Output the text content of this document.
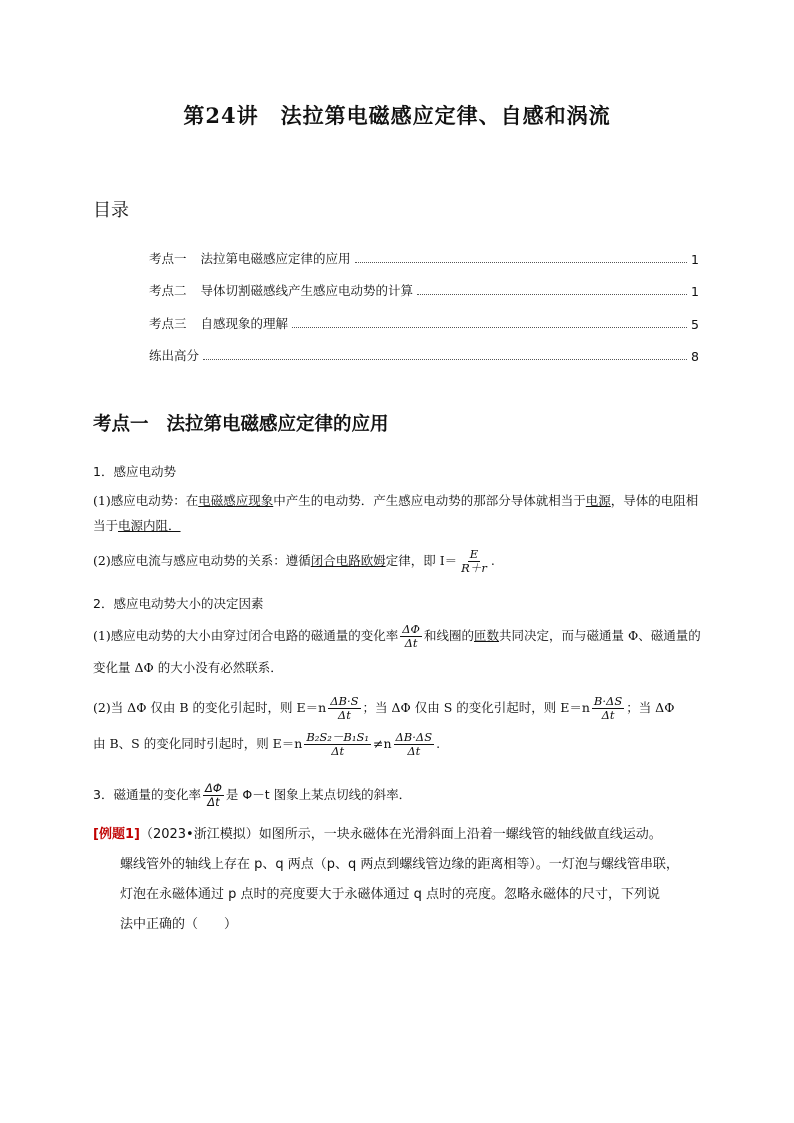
第24讲　法拉第电磁感应定律、自感和涡流
目录
考点一 法拉第电磁感应定律的应用	1
考点二 导体切割磁感线产生感应电动势的计算	1
考点三 自感现象的理解	5
练出高分	8
考点一 法拉第电磁感应定律的应用
1．感应电动势
(1)感应电动势：在电磁感应现象中产生的电动势．产生感应电动势的那部分导体就相当于电源，导体的电阻相当于电源内阻．
(2)感应电流与感应电动势的关系：遵循闭合电路欧姆定律，即 $I= \frac{E}{R+r}$ .
2．感应电动势大小的决定因素
(1)感应电动势的大小由穿过闭合电路的磁通量的变化率 $\frac{\Delta\Phi}{\Delta t}$ 和线圈的匝数共同决定，而与磁通量 Φ、磁通量的变化量 ΔΦ 的大小没有必然联系．
(2)当 ΔΦ 仅由 B 的变化引起时，则 $E=n \frac{\Delta B\cdot S}{\Delta t}$ ；当 ΔΦ 仅由 S 的变化引起时，则 $E=n \frac{B\cdot\Delta S}{\Delta t}$ ；当 ΔΦ
由 B、S 的变化同时引起时，则 $E=n \frac{\text{B₂S₂－B₁S₁}}{\Delta t} \ne n \frac{\Delta B\cdot\Delta S}{\Delta t}$ .
3．磁通量的变化率 $\frac{\Delta\Phi}{\Delta t}$ 是 Φ－t 图象上某点切线的斜率．
[例题1]（2023•浙江模拟）如图所示，一块永磁体在光滑斜面上沿着一螺线管的轴线做直线运动。
螺线管外的轴线上存在 p、q 两点（p、q 两点到螺线管边缘的距离相等）。一灯泡与螺线管串联，
灯泡在永磁体通过 p 点时的亮度要大于永磁体通过 q 点时的亮度。忽略永磁体的尺寸，下列说
法中正确的（　　）
